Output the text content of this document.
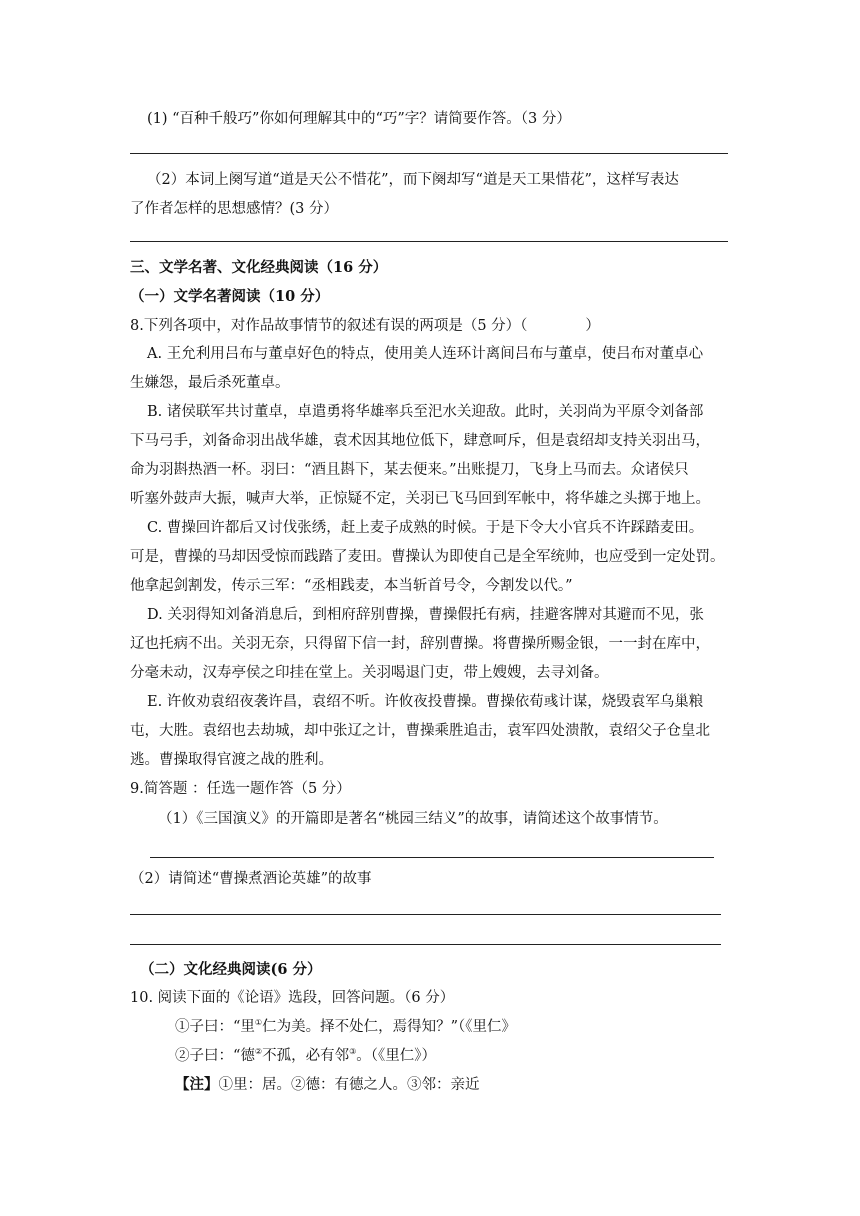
(1) “百种千般巧”你如何理解其中的“巧”字？请简要作答。（3 分）
（2）本词上阕写道“道是天公不惜花”，而下阕却写“道是天工果惜花”，这样写表达
了作者怎样的思想感情？(3 分）
三、文学名著、文化经典阅读（16 分）
（一）文学名著阅读（10 分）
8.下列各项中，对作品故事情节的叙述有误的两项是（5 分）（　　　　）
A. 王允利用吕布与董卓好色的特点，使用美人连环计离间吕布与董卓，使吕布对董卓心
生嫌怨，最后杀死董卓。
B. 诸侯联军共讨董卓，卓遣勇将华雄率兵至汜水关迎敌。此时，关羽尚为平原令刘备部
下马弓手，刘备命羽出战华雄，袁术因其地位低下，肆意呵斥，但是袁绍却支持关羽出马，
命为羽斟热酒一杯。羽曰：“酒且斟下，某去便来。”出账提刀，飞身上马而去。众诸侯只
听塞外鼓声大振，喊声大举，正惊疑不定，关羽已飞马回到军帐中，将华雄之头掷于地上。
C. 曹操回许都后又讨伐张绣，赶上麦子成熟的时候。于是下令大小官兵不许踩踏麦田。
可是，曹操的马却因受惊而践踏了麦田。曹操认为即使自己是全军统帅，也应受到一定处罚。
他拿起剑割发，传示三军：“丞相践麦，本当斩首号令，今割发以代。”
D. 关羽得知刘备消息后，到相府辞别曹操，曹操假托有病，挂避客牌对其避而不见，张
辽也托病不出。关羽无奈，只得留下信一封，辞别曹操。将曹操所赐金银，一一封在库中，
分毫未动，汉寿亭侯之印挂在堂上。关羽喝退门吏，带上嫂嫂，去寻刘备。
E. 许攸劝袁绍夜袭许昌，袁绍不听。许攸夜投曹操。曹操依荀彧计谋，烧毁袁军乌巢粮
屯，大胜。袁绍也去劫城，却中张辽之计，曹操乘胜追击，袁军四处溃散，袁绍父子仓皇北
逃。曹操取得官渡之战的胜利。
9.简答题 ：任选一题作答（5 分）
（1）《三国演义》的开篇即是著名“桃园三结义”的故事，请简述这个故事情节。
（2）请简述“曹操煮酒论英雄”的故事
（二）文化经典阅读(6 分）
10. 阅读下面的《论语》选段，回答问题。（6 分）
①子曰：“里①仁为美。择不处仁，焉得知？”（《里仁》
②子曰：“德②不孤，必有邻③。（《里仁》）
【注】①里：居。②德：有德之人。③邻：亲近
